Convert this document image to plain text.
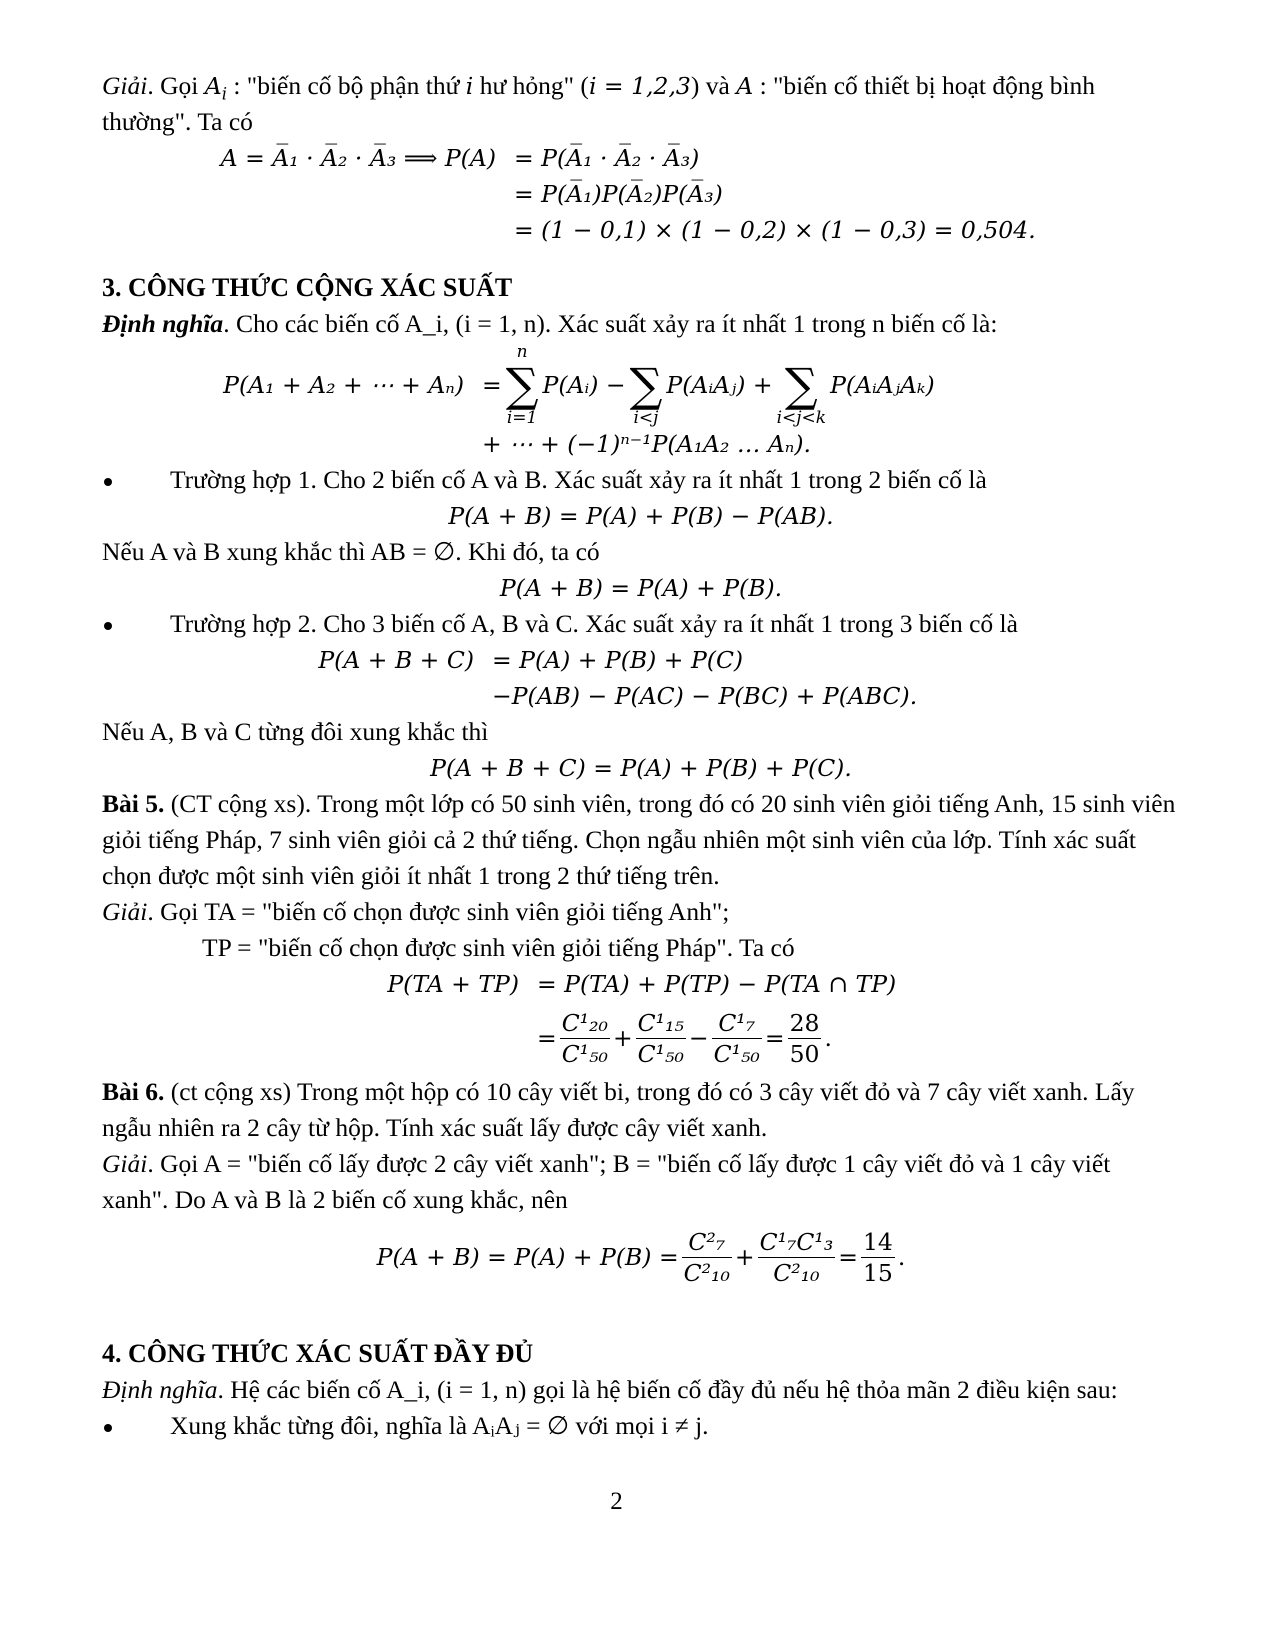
Giải. Gọi $A_i$ : "biến cố bộ phận thứ i hư hỏng" (i = 1,2,3) và A : "biến cố thiết bị hoạt động bình thường". Ta có

A = A̅₁ · A̅₂ · A̅₃ ⟹ P(A) = P(A̅₁ · A̅₂ · A̅₃)
= P(A̅₁)P(A̅₂)P(A̅₃)
= (1 − 0,1) × (1 − 0,2) × (1 − 0,3) = 0,504.

3. CÔNG THỨC CỘNG XÁC SUẤT

Định nghĩa. Cho các biến cố A_i, (i = 1, n). Xác suất xảy ra ít nhất 1 trong n biến cố là:

P(A₁ + A₂ + ⋯ + Aₙ) =
n
∑
i=1
P(Aᵢ) − ∑
i<j
P(AᵢAⱼ) + ∑
i<j<k
P(AᵢAⱼAₖ)
+ ⋯ + (−1)ⁿ⁻¹P(A₁A₂ … Aₙ).

Trường hợp 1. Cho 2 biến cố A và B. Xác suất xảy ra ít nhất 1 trong 2 biến cố là

P(A + B) = P(A) + P(B) − P(AB).

Nếu A và B xung khắc thì AB = ∅. Khi đó, ta có

P(A + B) = P(A) + P(B).

Trường hợp 2. Cho 3 biến cố A, B và C. Xác suất xảy ra ít nhất 1 trong 3 biến cố là

P(A + B + C) = P(A) + P(B) + P(C)
−P(AB) − P(AC) − P(BC) + P(ABC).

Nếu A, B và C từng đôi xung khắc thì

P(A + B + C) = P(A) + P(B) + P(C).

Bài 5. (CT cộng xs). Trong một lớp có 50 sinh viên, trong đó có 20 sinh viên giỏi tiếng Anh, 15 sinh viên giỏi tiếng Pháp, 7 sinh viên giỏi cả 2 thứ tiếng. Chọn ngẫu nhiên một sinh viên của lớp. Tính xác suất chọn được một sinh viên giỏi ít nhất 1 trong 2 thứ tiếng trên.

Giải. Gọi TA = "biến cố chọn được sinh viên giỏi tiếng Anh";

TP = "biến cố chọn được sinh viên giỏi tiếng Pháp". Ta có

P(TA + TP) = P(TA) + P(TP) − P(TA ∩ TP)
= $\frac{\text{C¹₂₀}}{\text{C¹₅₀}} + \frac{\text{C¹₁₅}}{\text{C¹₅₀}} - \frac{\text{C¹₇}}{\text{C¹₅₀}} = \frac{28}{50}$ .

Bài 6. (ct cộng xs) Trong một hộp có 10 cây viết bi, trong đó có 3 cây viết đỏ và 7 cây viết xanh. Lấy ngẫu nhiên ra 2 cây từ hộp. Tính xác suất lấy được cây viết xanh.

Giải. Gọi A = "biến cố lấy được 2 cây viết xanh"; B = "biến cố lấy được 1 cây viết đỏ và 1 cây viết xanh". Do A và B là 2 biến cố xung khắc, nên

$P(A + B) = P(A) + P(B) = \frac{\text{C²₇}}{\text{C²₁₀}} + \frac{\text{C¹₇C¹₃}}{\text{C²₁₀}} = \frac{14}{15}$ .

4. CÔNG THỨC XÁC SUẤT ĐẦY ĐỦ

Định nghĩa. Hệ các biến cố A_i, (i = 1, n) gọi là hệ biến cố đầy đủ nếu hệ thỏa mãn 2 điều kiện sau:

Xung khắc từng đôi, nghĩa là AᵢAⱼ = ∅ với mọi i ≠ j.

2
